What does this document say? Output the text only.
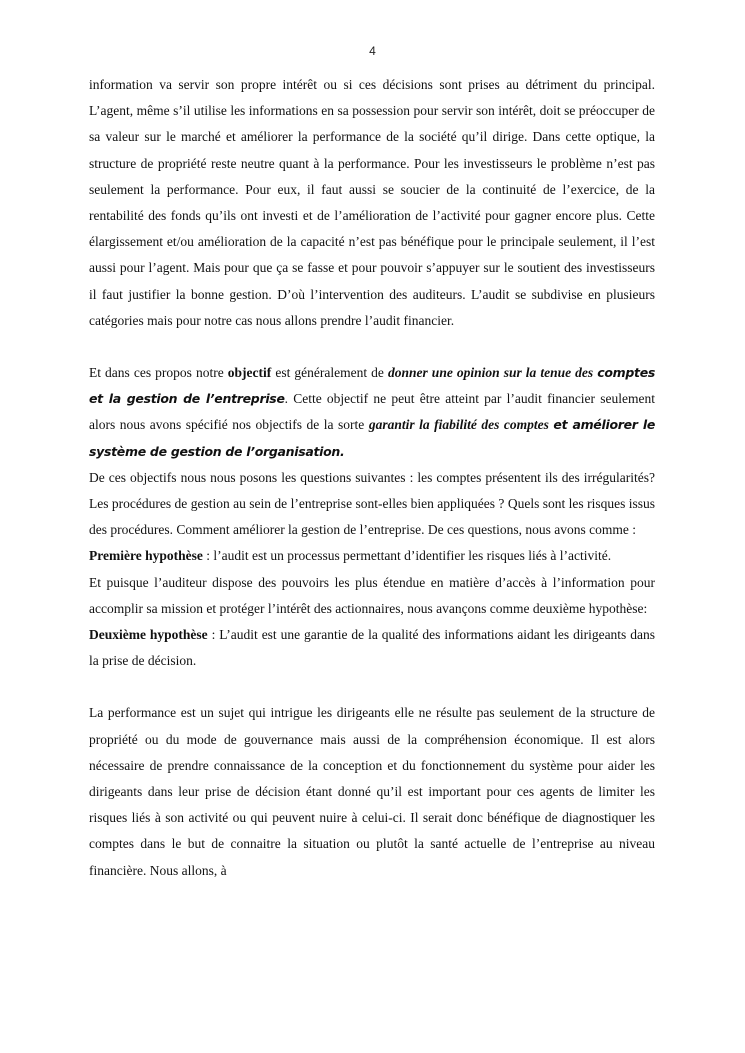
4

information va servir son propre intérêt ou si ces décisions sont prises au détriment du principal. L’agent, même s’il utilise les informations en sa possession pour servir son intérêt, doit se préoccuper de sa valeur sur le marché et améliorer la performance de la société qu’il dirige. Dans cette optique, la structure de propriété reste neutre quant à la performance. Pour les investisseurs le problème n’est pas seulement la performance. Pour eux, il faut aussi se soucier de la continuité de l’exercice, de la rentabilité des fonds qu’ils ont investi et de l’amélioration de l’activité pour gagner encore plus. Cette élargissement et/ou amélioration de la capacité n’est pas bénéfique pour le principale seulement, il l’est aussi pour l’agent. Mais pour que ça se fasse et pour pouvoir s’appuyer sur le soutient des investisseurs il faut justifier la bonne gestion. D’où l’intervention des auditeurs. L’audit se subdivise en plusieurs catégories mais pour notre cas nous allons prendre l’audit financier.

Et dans ces propos notre objectif est généralement de donner une opinion sur la tenue des comptes et la gestion de l’entreprise. Cette objectif ne peut être atteint par l’audit financier seulement alors nous avons spécifié nos objectifs de la sorte garantir la fiabilité des comptes et améliorer le système de gestion de l’organisation.

De ces objectifs nous nous posons les questions suivantes : les comptes présentent ils des irrégularités? Les procédures de gestion au sein de l’entreprise sont-elles bien appliquées ? Quels sont les risques issus des procédures. Comment améliorer la gestion de l’entreprise. De ces questions, nous avons comme :

Première hypothèse : l’audit est un processus permettant d’identifier les risques liés à l’activité.

Et puisque l’auditeur dispose des pouvoirs les plus étendue en matière d’accès à l’information pour accomplir sa mission et protéger l’intérêt des actionnaires, nous avançons comme deuxième hypothèse:

Deuxième hypothèse : L’audit est une garantie de la qualité des informations aidant les dirigeants dans la prise de décision.

La performance est un sujet qui intrigue les dirigeants elle ne résulte pas seulement de la structure de propriété ou du mode de gouvernance mais aussi de la compréhension économique. Il est alors nécessaire de prendre connaissance de la conception et du fonctionnement du système pour aider les dirigeants dans leur prise de décision étant donné qu’il est important pour ces agents de limiter les risques liés à son activité ou qui peuvent nuire à celui-ci. Il serait donc bénéfique de diagnostiquer les comptes dans le but de connaitre la situation ou plutôt la santé actuelle de l’entreprise au niveau financière. Nous allons, à
